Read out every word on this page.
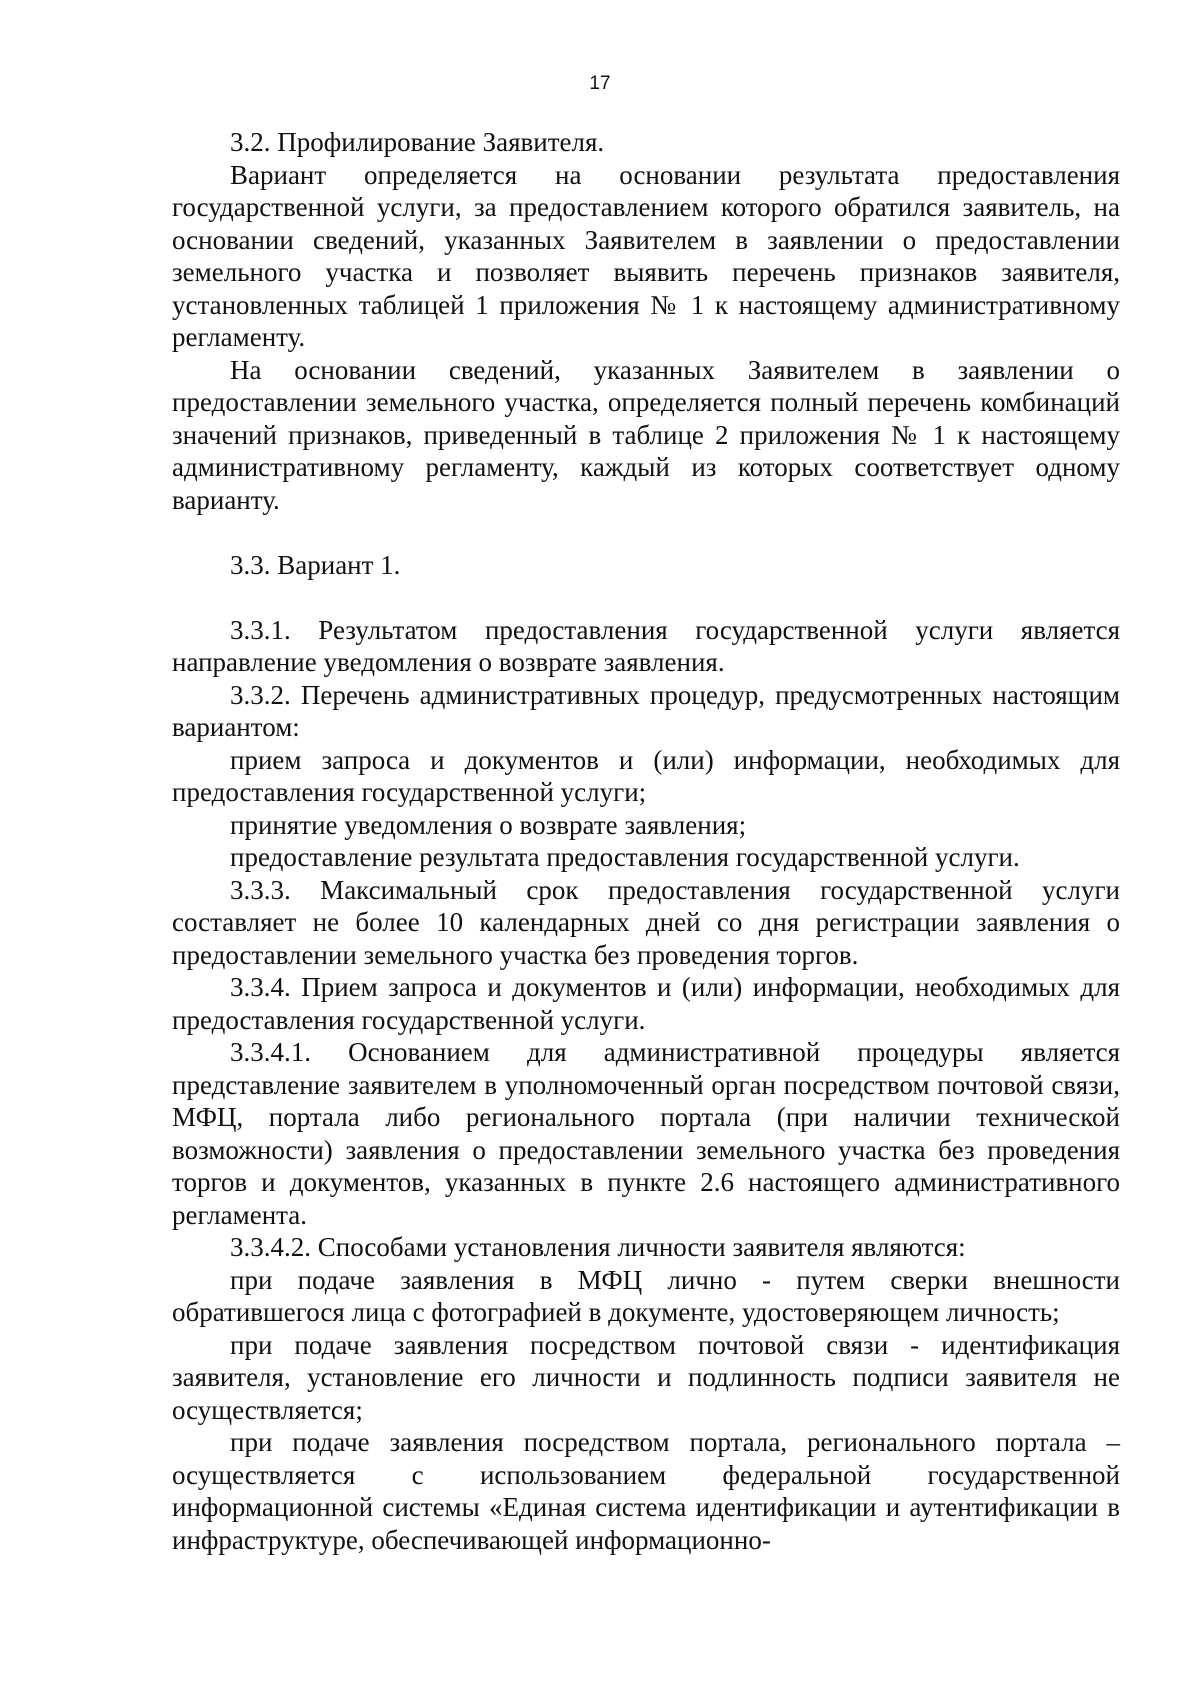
17

3.2. Профилирование Заявителя.

Вариант определяется на основании результата предоставления государственной услуги, за предоставлением которого обратился заявитель, на основании сведений, указанных Заявителем в заявлении о предоставлении земельного участка и позволяет выявить перечень признаков заявителя, установленных таблицей 1 приложения № 1 к настоящему административному регламенту.

На основании сведений, указанных Заявителем в заявлении о предоставлении земельного участка, определяется полный перечень комбинаций значений признаков, приведенный в таблице 2 приложения № 1 к настоящему административному регламенту, каждый из которых соответствует одному варианту.

3.3. Вариант 1.

3.3.1. Результатом предоставления государственной услуги является направление уведомления о возврате заявления.

3.3.2. Перечень административных процедур, предусмотренных настоящим вариантом:

прием запроса и документов и (или) информации, необходимых для предоставления государственной услуги;

принятие уведомления о возврате заявления;

предоставление результата предоставления государственной услуги.

3.3.3. Максимальный срок предоставления государственной услуги составляет не более 10 календарных дней со дня регистрации заявления о предоставлении земельного участка без проведения торгов.

3.3.4. Прием запроса и документов и (или) информации, необходимых для предоставления государственной услуги.

3.3.4.1. Основанием для административной процедуры является представление заявителем в уполномоченный орган посредством почтовой связи, МФЦ, портала либо регионального портала (при наличии технической возможности) заявления о предоставлении земельного участка без проведения торгов и документов, указанных в пункте 2.6 настоящего административного регламента.

3.3.4.2. Способами установления личности заявителя являются:

при подаче заявления в МФЦ лично - путем сверки внешности обратившегося лица с фотографией в документе, удостоверяющем личность;

при подаче заявления посредством почтовой связи - идентификация заявителя, установление его личности и подлинность подписи заявителя не осуществляется;

при подаче заявления посредством портала, регионального портала – осуществляется с использованием федеральной государственной информационной системы «Единая система идентификации и аутентификации в инфраструктуре, обеспечивающей информационно-
